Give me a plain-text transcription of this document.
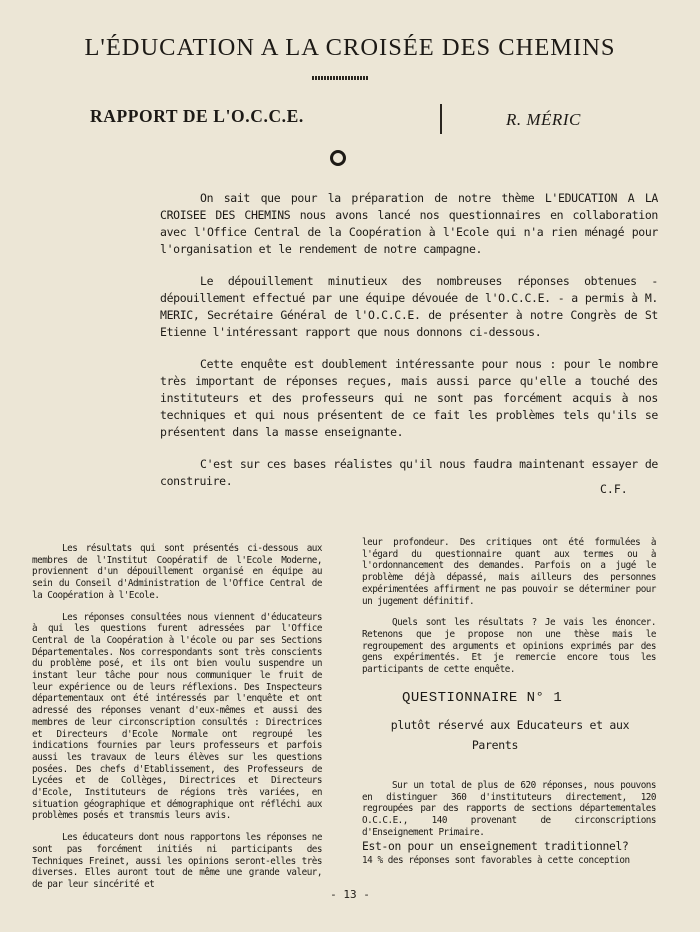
L'ÉDUCATION A LA CROISÉE DES CHEMINS
RAPPORT DE L'O.C.C.E.	R. MÉRIC

On sait que pour la préparation de notre thème L'EDUCATION A LA CROISEE DES CHEMINS nous avons lancé nos questionnaires en collaboration avec l'Office Central de la Coopération à l'Ecole qui n'a rien ménagé pour l'organisation et le rendement de notre campagne.

Le dépouillement minutieux des nombreuses réponses obtenues - dépouillement effectué par une équipe dévouée de l'O.C.C.E. - a permis à M. MERIC, Secrétaire Général de l'O.C.C.E. de présenter à notre Congrès de St Etienne l'intéressant rapport que nous donnons ci-dessous.

Cette enquête est doublement intéressante pour nous : pour le nombre très important de réponses reçues, mais aussi parce qu'elle a touché des instituteurs et des professeurs qui ne sont pas forcément acquis à nos techniques et qui nous présentent de ce fait les problèmes tels qu'ils se présentent dans la masse enseignante.

C'est sur ces bases réalistes qu'il nous faudra maintenant essayer de construire.

C.F.

Les résultats qui sont présentés ci-dessous aux membres de l'Institut Coopératif de l'Ecole Moderne, proviennent d'un dépouillement organisé en équipe au sein du Conseil d'Administration de l'Office Central de la Coopération à l'Ecole.

Les réponses consultées nous viennent d'éducateurs à qui les questions furent adressées par l'Office Central de la Coopération à l'école ou par ses Sections Départementales. Nos correspondants sont très conscients du problème posé, et ils ont bien voulu suspendre un instant leur tâche pour nous communiquer le fruit de leur expérience ou de leurs réflexions. Des Inspecteurs départementaux ont été intéressés par l'enquête et ont adressé des réponses venant d'eux-mêmes et aussi des membres de leur circonscription consultés : Directrices et Directeurs d'Ecole Normale ont regroupé les indications fournies par leurs professeurs et parfois aussi les travaux de leurs élèves sur les questions posées. Des chefs d'Etablissement, des Professeurs de Lycées et de Collèges, Directrices et Directeurs d'Ecole, Instituteurs de régions très variées, en situation géographique et démographique ont réfléchi aux problèmes posés et transmis leurs avis.

Les éducateurs dont nous rapportons les réponses ne sont pas forcément initiés ni participants des Techniques Freinet, aussi les opinions seront-elles très diverses. Elles auront tout de même une grande valeur, de par leur sincérité et

leur profondeur. Des critiques ont été formulées à l'égard du questionnaire quant aux termes ou à l'ordonnancement des demandes. Parfois on a jugé le problème déjà dépassé, mais ailleurs des personnes expérimentées affirment ne pas pouvoir se déterminer pour un jugement définitif.

Quels sont les résultats ? Je vais les énoncer. Retenons que je propose non une thèse mais le regroupement des arguments et opinions exprimés par des gens expérimentés. Et je remercie encore tous les participants de cette enquête.

QUESTIONNAIRE N° 1
plutôt réservé aux Educateurs et aux
Parents

Sur un total de plus de 620 réponses, nous pouvons en distinguer 360 d'instituteurs directement, 120 regroupées par des rapports de sections départementales O.C.C.E., 140 provenant de circonscriptions d'Enseignement Primaire.

Est-on pour un enseignement traditionnel?
14 % des réponses sont favorables à cette conception
- 13 -
